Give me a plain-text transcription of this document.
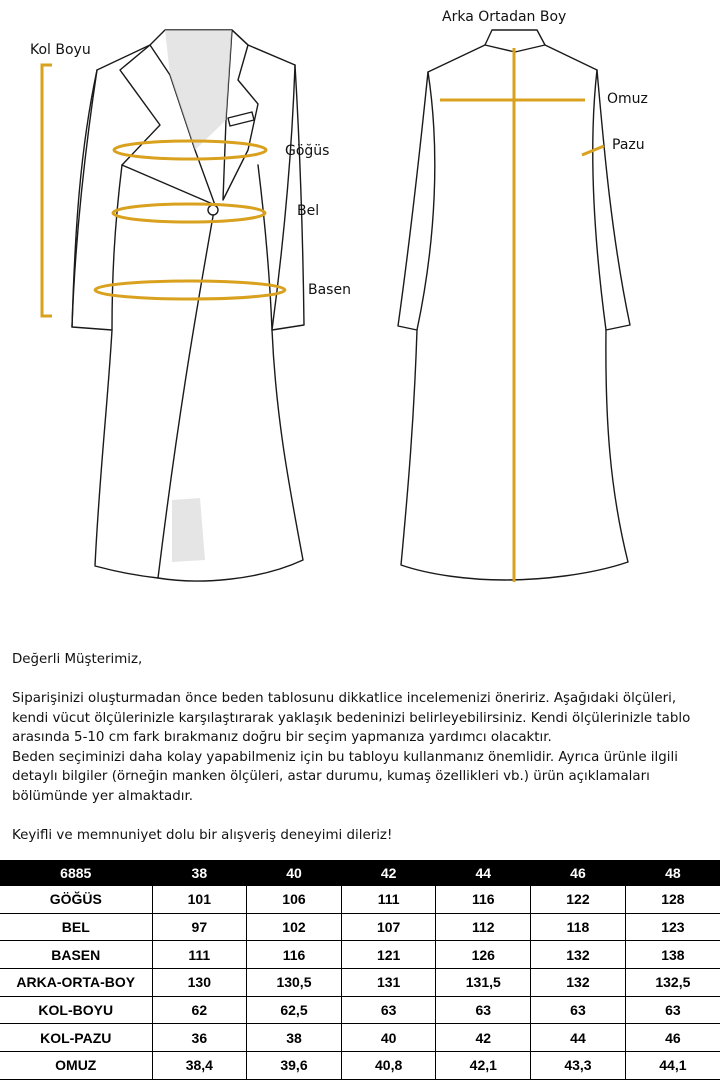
Kol Boyu
Göğüs
Bel
Basen
Arka Ortadan Boy
Omuz
Pazu

Değerli Müşterimiz,

Siparişinizi oluşturmadan önce beden tablosunu dikkatlice incelemenizi öneririz. Aşağıdaki ölçüleri, kendi vücut ölçülerinizle karşılaştırarak yaklaşık bedeninizi belirleyebilirsiniz. Kendi ölçülerinizle tablo arasında 5-10 cm fark bırakmanız doğru bir seçim yapmanıza yardımcı olacaktır.

Beden seçiminizi daha kolay yapabilmeniz için bu tabloyu kullanmanız önemlidir. Ayrıca ürünle ilgili detaylı bilgiler (örneğin manken ölçüleri, astar durumu, kumaş özellikleri vb.) ürün açıklamaları bölümünde yer almaktadır.

Keyifli ve memnuniyet dolu bir alışveriş deneyimi dileriz!

6885	38	40	42	44	46	48
GÖĞÜS	101	106	111	116	122	128
BEL	97	102	107	112	118	123
BASEN	111	116	121	126	132	138
ARKA-ORTA-BOY	130	130,5	131	131,5	132	132,5
KOL-BOYU	62	62,5	63	63	63	63
KOL-PAZU	36	38	40	42	44	46
OMUZ	38,4	39,6	40,8	42,1	43,3	44,1
